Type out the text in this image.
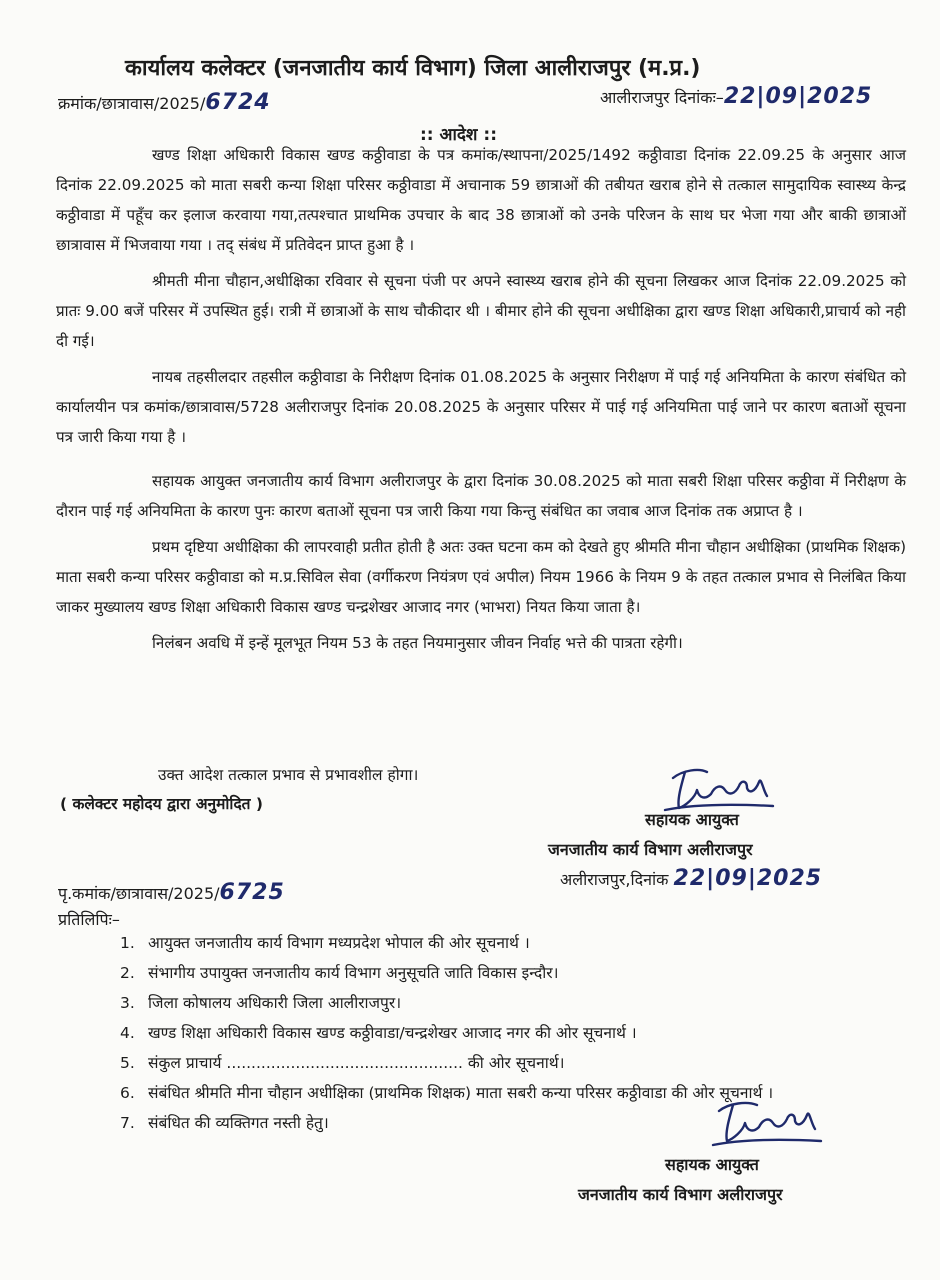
कार्यालय कलेक्टर (जनजातीय कार्य विभाग) जिला आलीराजपुर (म.प्र.)
क्रमांक/छात्रावास/2025/6724	आलीराजपुर दिनांकः–22|09|2025
:: आदेश ::

खण्ड शिक्षा अधिकारी विकास खण्ड कठ्ठीवाडा के पत्र कमांक/स्थापना/2025/1492 कठ्ठीवाडा दिनांक 22.09.25 के अनुसार आज दिनांक 22.09.2025 को माता सबरी कन्या शिक्षा परिसर कठ्ठीवाडा में अचानाक 59 छात्राओं की तबीयत खराब होने से तत्काल सामुदायिक स्वास्थ्य केन्द्र कठ्ठीवाडा में पहूँच कर इलाज करवाया गया,तत्पश्चात प्राथमिक उपचार के बाद 38 छात्राओं को उनके परिजन के साथ घर भेजा गया और बाकी छात्राओं छात्रावास में भिजवाया गया । तद् संबंध में प्रतिवेदन प्राप्त हुआ है ।

श्रीमती मीना चौहान,अधीक्षिका रविवार से सूचना पंजी पर अपने स्वास्थ्य खराब होने की सूचना लिखकर आज दिनांक 22.09.2025 को प्रातः 9.00 बजें परिसर में उपस्थित हुई। रात्री में छात्राओं के साथ चौकीदार थी । बीमार होने की सूचना अधीक्षिका द्वारा खण्ड शिक्षा अधिकारी,प्राचार्य को नही दी गई।

नायब तहसीलदार तहसील कठ्ठीवाडा के निरीक्षण दिनांक 01.08.2025 के अनुसार निरीक्षण में पाई गई अनियमिता के कारण संबंधित को कार्यालयीन पत्र कमांक/छात्रावास/5728 अलीराजपुर दिनांक 20.08.2025 के अनुसार परिसर में पाई गई अनियमिता पाई जाने पर कारण बताओं सूचना पत्र जारी किया गया है ।

सहायक आयुक्त जनजातीय कार्य विभाग अलीराजपुर के द्वारा दिनांक 30.08.2025 को माता सबरी शिक्षा परिसर कठ्ठीवा में निरीक्षण के दौरान पाई गई अनियमिता के कारण पुनः कारण बताओं सूचना पत्र जारी किया गया किन्तु संबंधित का जवाब आज दिनांक तक अप्राप्त है ।

प्रथम दृष्टिया अधीक्षिका की लापरवाही प्रतीत होती है अतः उक्त घटना कम को देखते हुए श्रीमति मीना चौहान अधीक्षिका (प्राथमिक शिक्षक) माता सबरी कन्या परिसर कठ्ठीवाडा को म.प्र.सिविल सेवा (वर्गीकरण नियंत्रण एवं अपील) नियम 1966 के नियम 9 के तहत तत्काल प्रभाव से निलंबित किया जाकर मुख्यालय खण्ड शिक्षा अधिकारी विकास खण्ड चन्द्रशेखर आजाद नगर (भाभरा) नियत किया जाता है।

निलंबन अवधि में इन्हें मूलभूत नियम 53 के तहत नियमानुसार जीवन निर्वाह भत्ते की पात्रता रहेगी।

उक्त आदेश तत्काल प्रभाव से प्रभावशील होगा।
( कलेक्टर महोदय द्वारा अनुमोदित )
सहायक आयुक्त
जनजातीय कार्य विभाग अलीराजपुर
अलीराजपुर,दिनांक 22|09|2025
पृ.कमांक/छात्रावास/2025/6725
प्रतिलिपिः–
1. आयुक्त जनजातीय कार्य विभाग मध्यप्रदेश भोपाल की ओर सूचनार्थ ।
2. संभागीय उपायुक्त जनजातीय कार्य विभाग अनुसूचति जाति विकास इन्दौर।
3. जिला कोषालय अधिकारी जिला आलीराजपुर।
4. खण्ड शिक्षा अधिकारी विकास खण्ड कठ्ठीवाडा/चन्द्रशेखर आजाद नगर की ओर सूचनार्थ ।
5. संकुल प्राचार्य ................................................ की ओर सूचनार्थ।
6. संबंधित श्रीमति मीना चौहान अधीक्षिका (प्राथमिक शिक्षक) माता सबरी कन्या परिसर कठ्ठीवाडा की ओर सूचनार्थ ।
7. संबंधित की व्यक्तिगत नस्ती हेतु।
सहायक आयुक्त
जनजातीय कार्य विभाग अलीराजपुर
